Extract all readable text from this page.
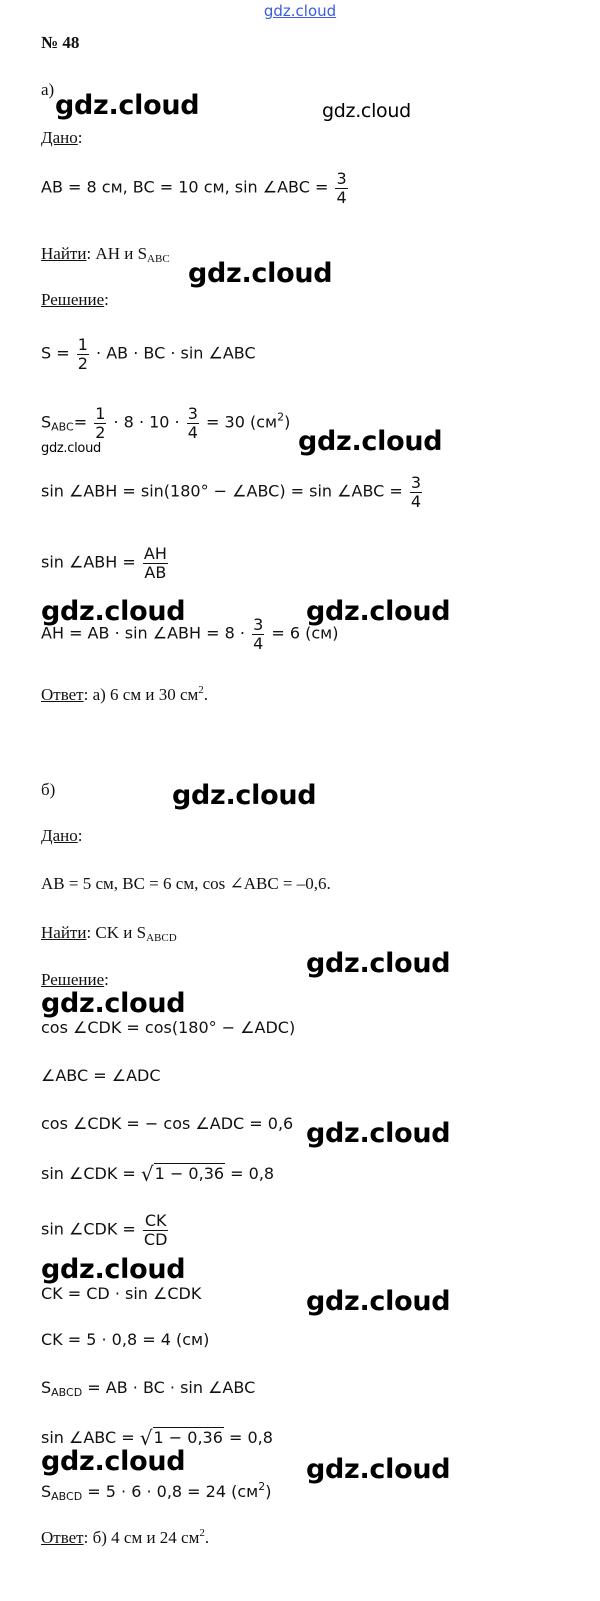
gdz.cloud
№ 48
а)
Дано:
AB = 8 см, BC = 10 см, sin ∠ABC = $\frac{3}{4}$
Найти: AH и $S_{ABC}$
Решение:
$S = \frac{1}{2}$ · AB · BC · sin ∠ABC
$S_{ABC}= \frac{1}{2} \cdot 8 \cdot 10 \cdot \frac{3}{4} = 30$ $(см^2)$
sin ∠ABH = sin(180° − ∠ABC) = sin ∠ABC = $\frac{3}{4}$
sin ∠ABH = $\frac{AH}{AB}$
AH = AB · sin ∠ABH = $8 \cdot \frac{3}{4} = 6$ (см)
Ответ: а) 6 см и 30 $см^2$.
б)
Дано:
AB = 5 см, BC = 6 см, cos ∠ABC = –0,6.
Найти: CK и $S_{ABCD}$
Решение:
cos ∠CDK = cos(180° − ∠ADC)
∠ABC = ∠ADC
cos ∠CDK = − cos ∠ADC = 0,6
sin ∠CDK = √1 − 0,36 = 0,8
sin ∠CDK = $\frac{CK}{CD}$
CK = CD · sin ∠CDK
CK = 5 · 0,8 = 4 (см)
$S_{ABCD}$ = AB · BC · sin ∠ABC
sin ∠ABC = √1 − 0,36 = 0,8
$S_{ABCD} = 5 \cdot 6 \cdot 0,8 = 24$ $(см^2)$
Ответ: б) 4 см и 24 $см^2$.
gdz.cloud	gdz.cloud
gdz.cloud
gdz.cloud	gdz.cloud
gdz.cloud	gdz.cloud
gdz.cloud
gdz.cloud
gdz.cloud
gdz.cloud
gdz.cloud
gdz.cloud
gdz.cloud	gdz.cloud
